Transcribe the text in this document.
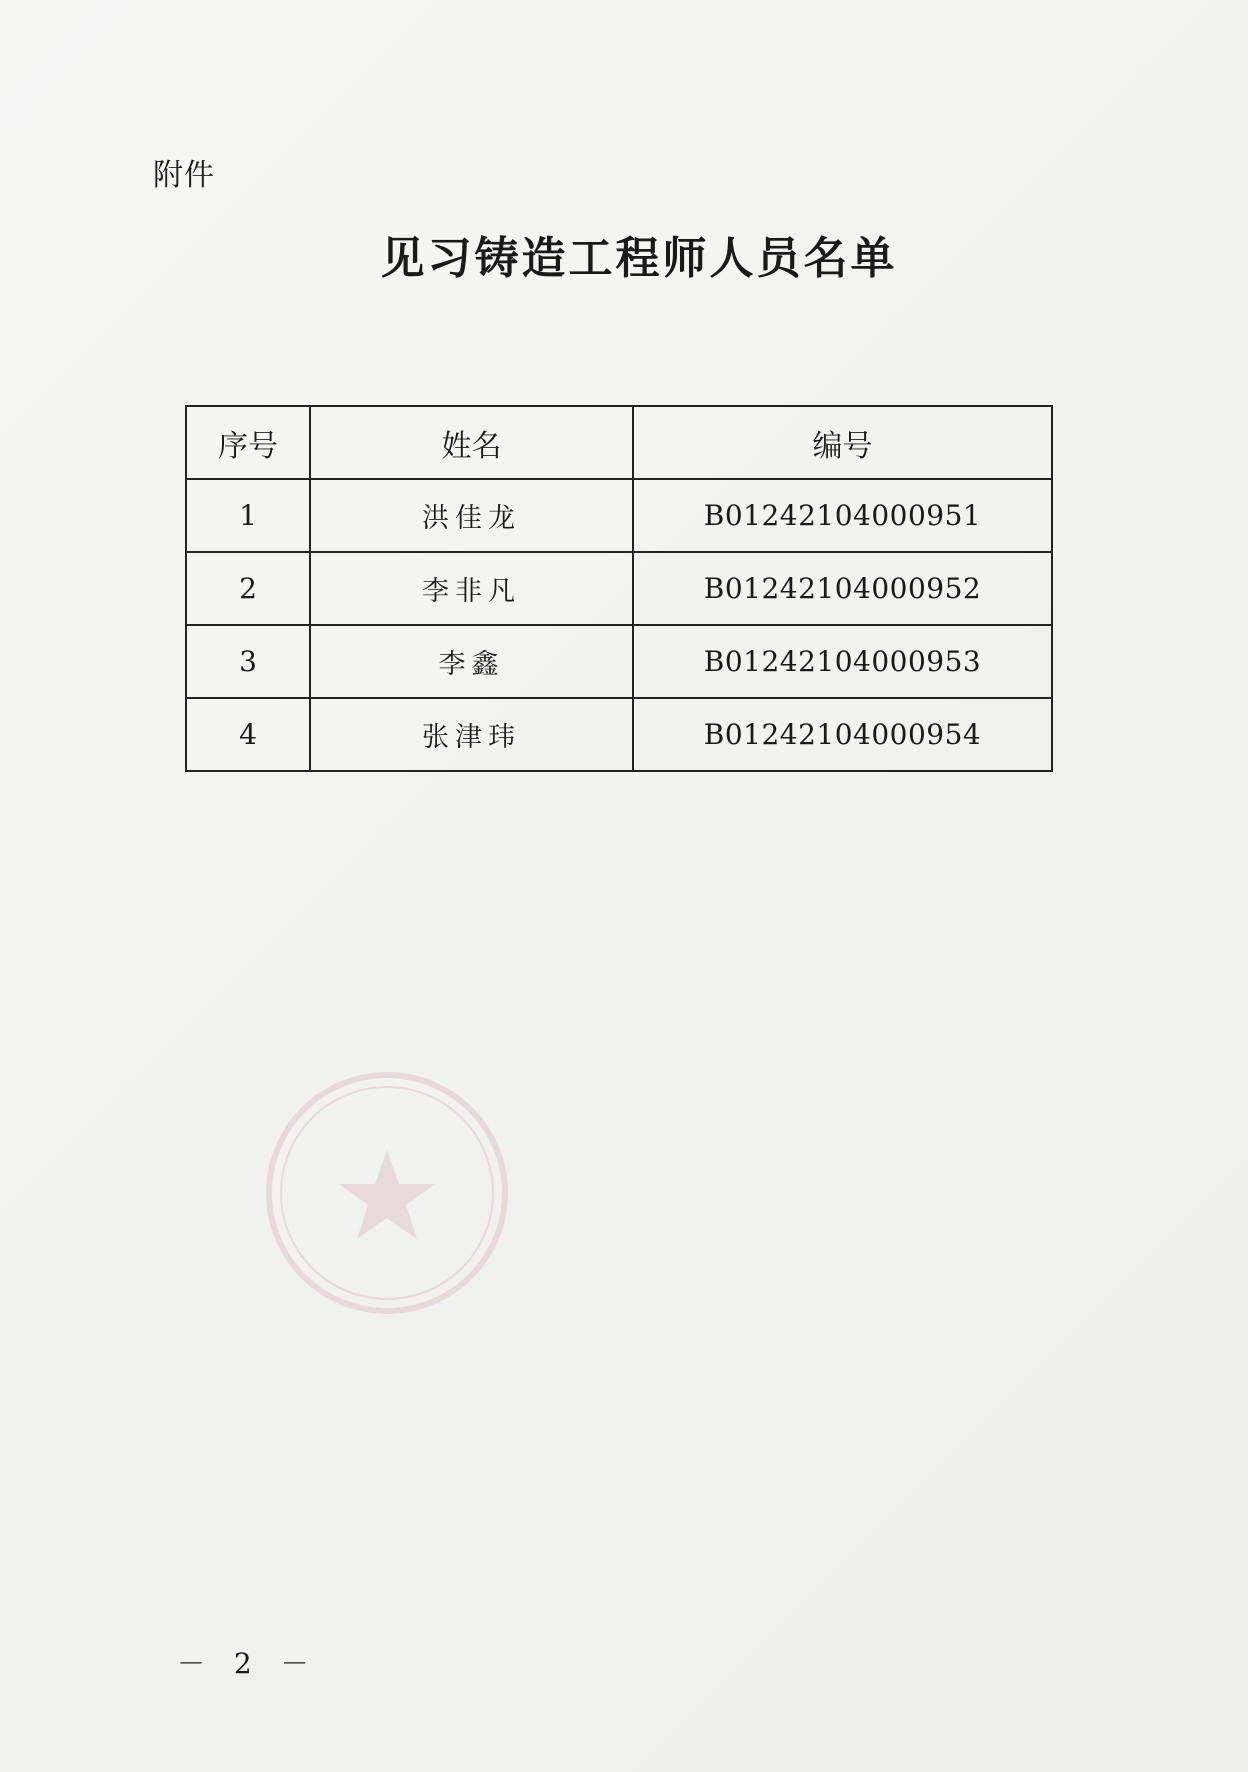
附件
见习铸造工程师人员名单
序号	姓名	编号
1	洪佳龙	B01242104000951
2	李非凡	B01242104000952
3	李鑫	B01242104000953
4	张津玮	B01242104000954
－ 2 －
